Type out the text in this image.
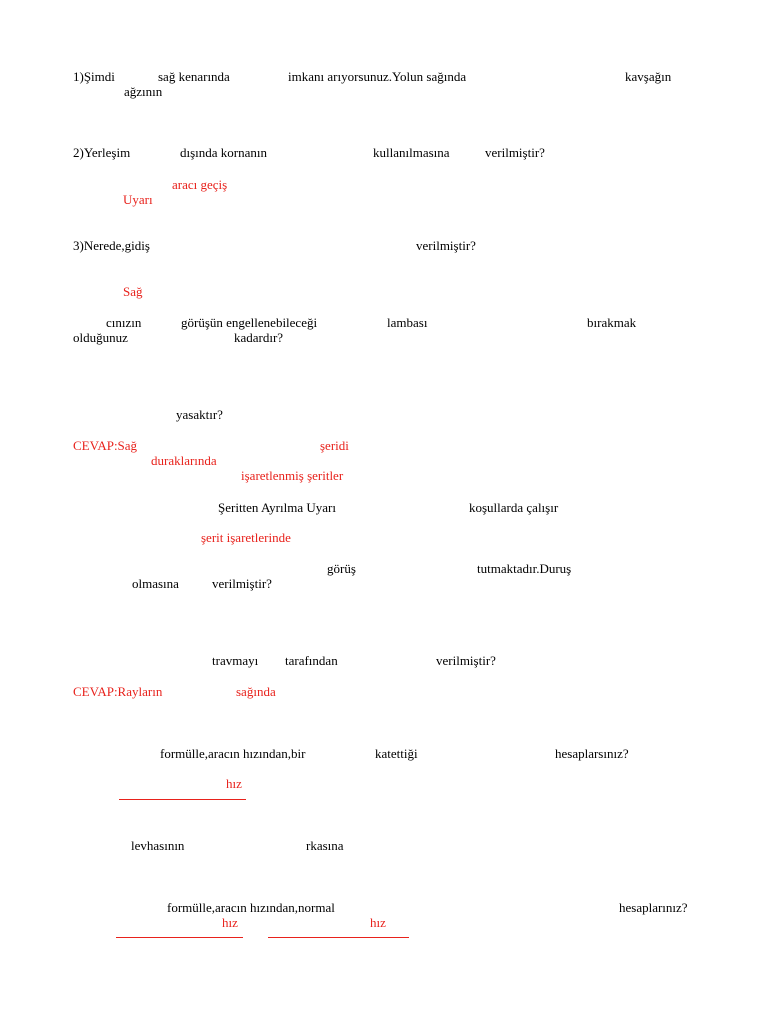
1)Şimdi	sağ kenarında	imkanı arıyorsunuz.Yolun sağında	kavşağın
ağzının
2)Yerleşim	dışında kornanın	kullanılmasına	verilmiştir?
aracı geçiş
Uyarı
3)Nerede,gidiş	verilmiştir?
Sağ
cınızın	görüşün engellenebileceği	lambası	bırakmak
olduğunuz	kadardır?
yasaktır?
CEVAP:Sağ	şeridi
duraklarında
işaretlenmiş şeritler
Şeritten Ayrılma Uyarı	koşullarda çalışır
şerit işaretlerinde
görüş	tutmaktadır.Duruş
olmasına	verilmiştir?
travmayı tarafından	verilmiştir?
CEVAP:Rayların	sağında
formülle,aracın hızından,bir	katettiği	hesaplarsınız?
hız
levhasının	rkasına
formülle,aracın hızından,normal	hesaplarınız?
hız	hız
